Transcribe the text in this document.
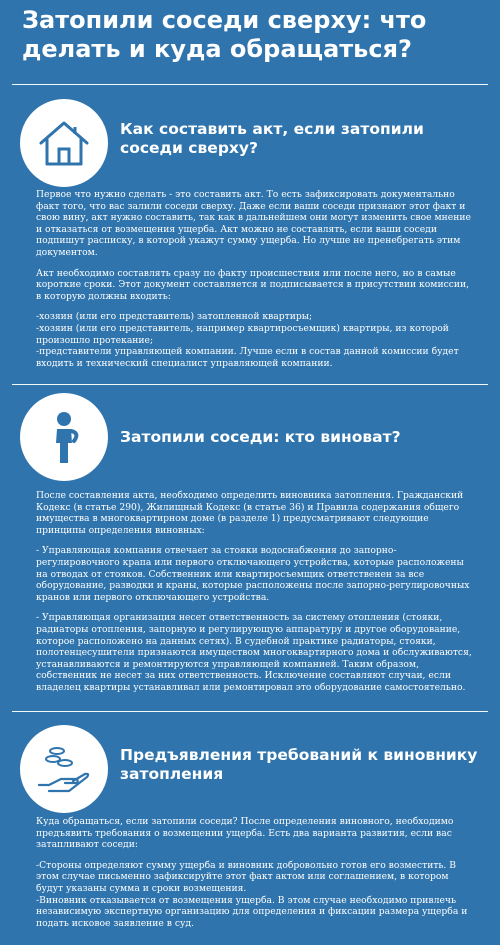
Затопили соседи сверху: что делать и куда обращаться?
Как составить акт, если затопили соседи сверху?

Первое что нужно сделать - это составить акт. То есть зафиксировать документально факт того, что вас залили соседи сверху. Даже если ваши соседи признают этот факт и свою вину, акт нужно составить, так как в дальнейшем они могут изменить свое мнение и отказаться от возмещения ущерба. Акт можно не составлять, если ваши соседи подпишут расписку, в которой укажут сумму ущерба. Но лучше не пренебрегать этим документом.

Акт необходимо составлять сразу по факту происшествия или после него, но в самые короткие сроки. Этот документ составляется и подписывается в присутствии комиссии, в которую должны входить:

-хозяин (или его представитель) затопленной квартиры;

-хозяин (или его представитель, например квартиросъемщик) квартиры, из которой произошло протекание;

-представители управляющей компании. Лучше если в состав данной комиссии будет входить и технический специалист управляющей компании.

Затопили соседи: кто виноват?

После составления акта, необходимо определить виновника затопления. Гражданский Кодекс (в статье 290), Жилищный Кодекс (в статье 36) и Правила содержания общего имущества в многоквартирном доме (в разделе 1) предусматривают следующие принципы определения виновных:

- Управляющая компания отвечает за стояки водоснабжения до запорно-регулировочного крапа или первого отключающего устройства, которые расположены на отводах от стояков. Собственник или квартиросъемщик ответственен за все оборудование, разводки и краны, которые расположены после запорно-регулировочных кранов или первого отключающего устройства.

- Управляющая организация несет ответственность за систему отопления (стояки, радиаторы отопления, запорную и регулирующую аппаратуру и другое оборудование, которое расположено на данных сетях). В судебной практике радиаторы, стояки, полотенцесушители признаются имуществом многоквартирного дома и обслуживаются, устанавливаются и ремонтируются управляющей компанией. Таким образом, собственник не несет за них ответственность. Исключение составляют случаи, если владелец квартиры устанавливал или ремонтировал это оборудование самостоятельно.

Предъявления требований к виновнику затопления

Куда обращаться, если затопили соседи? После определения виновного, необходимо предъявить требования о возмещении ущерба. Есть два варианта развития, если вас затапливают соседи:

-Стороны определяют сумму ущерба и виновник добровольно готов его возместить. В этом случае письменно зафиксируйте этот факт актом или соглашением, в котором будут указаны сумма и сроки возмещения.

-Виновник отказывается от возмещения ущерба. В этом случае необходимо привлечь независимую экспертную организацию для определения и фиксации размера ущерба и подать исковое заявление в суд.
